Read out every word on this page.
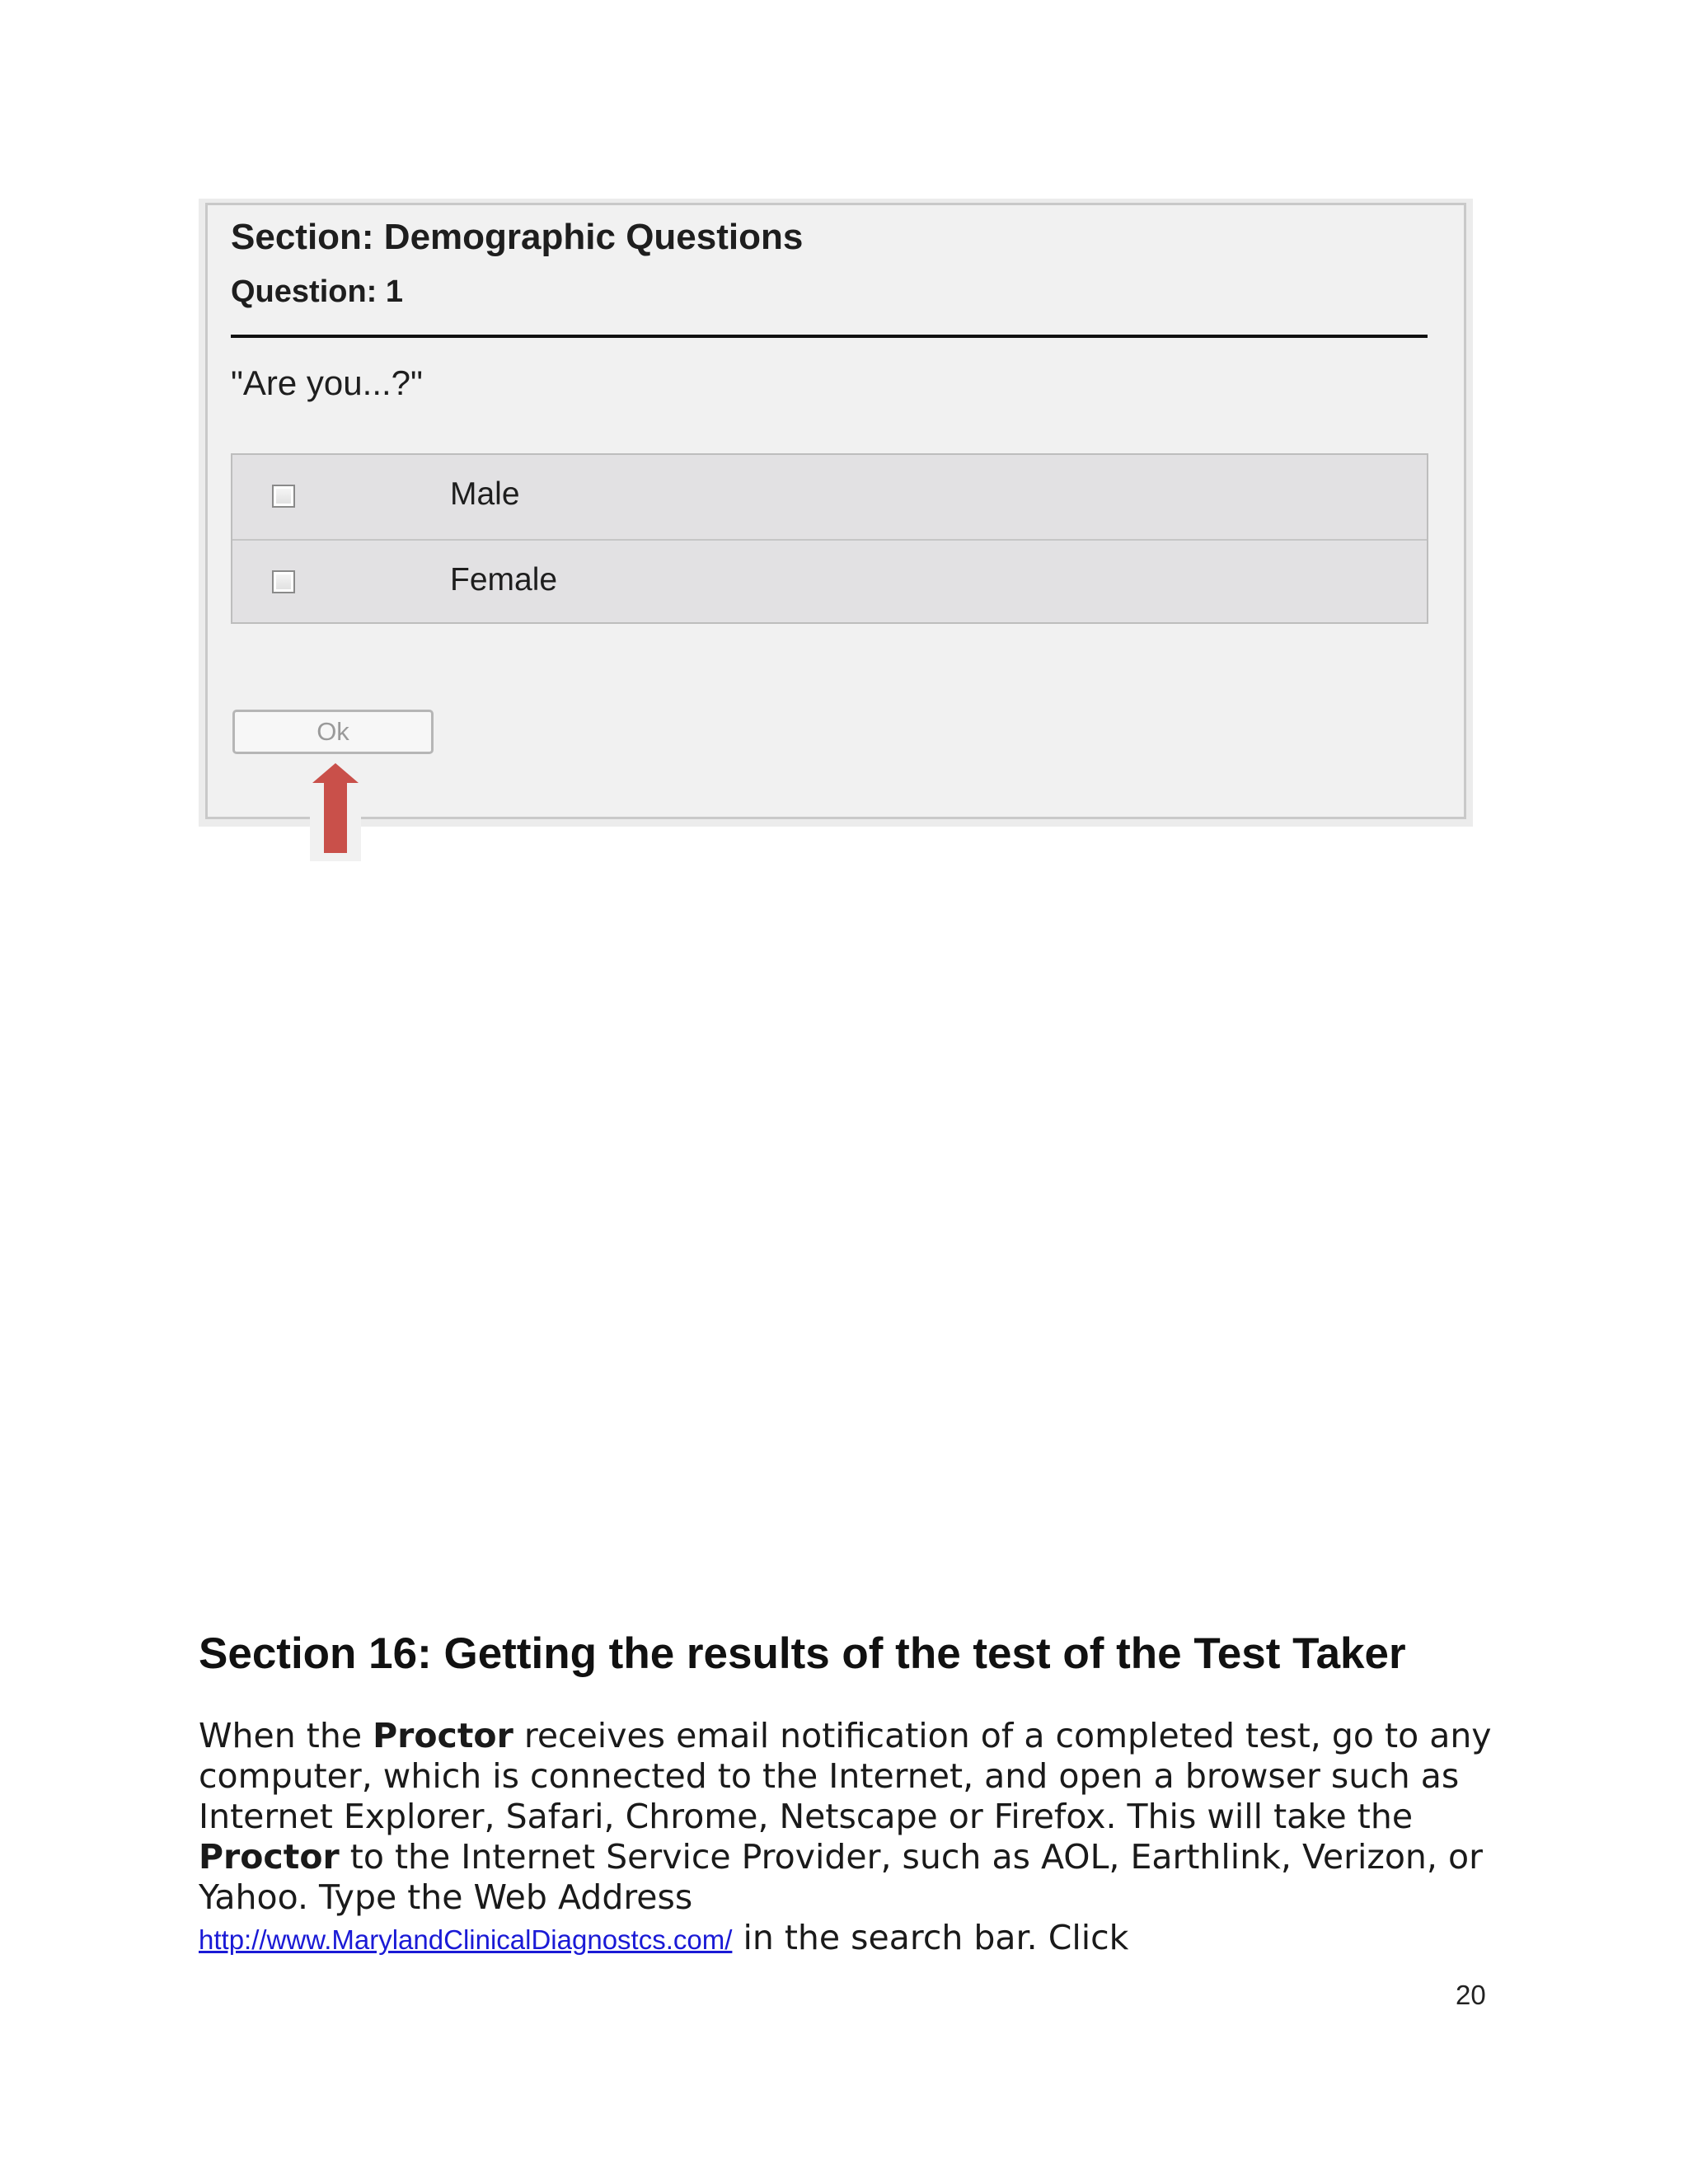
Section: Demographic Questions
Question: 1
"Are you...?"
Male
Female
Ok
Section 16: Getting the results of the test of the Test Taker

When the Proctor receives email notification of a completed test, go to any computer, which is connected to the Internet, and open a browser such as Internet Explorer, Safari, Chrome, Netscape or Firefox. This will take the Proctor to the Internet Service Provider, such as AOL, Earthlink, Verizon, or Yahoo. Type the Web Address
http://www.MarylandClinicalDiagnostcs.com/ in the search bar. Click

20
